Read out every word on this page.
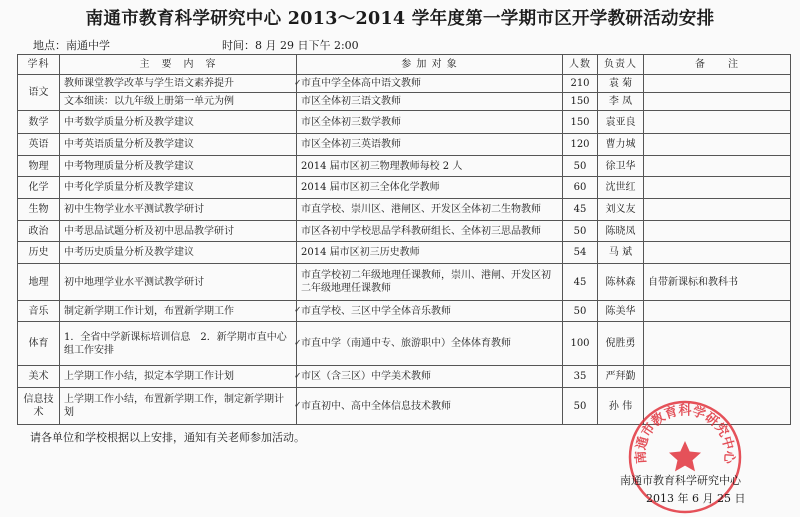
南通市教育科学研究中心 2013～2014 学年度第一学期市区开学教研活动安排
地点：南通中学	时间：8 月 29 日下午 2:00
学科	主　要　内　容	参 加 对 象	人数	负责人	备　　注
语文	教师课堂教学改革与学生语文素养提升	✓ 市直中学全体高中语文教师	210	袁 菊	
	文本细读：以九年级上册第一单元为例	市区全体初三语文教师	150	李 凤	
数学	中考数学质量分析及教学建议	市区全体初三数学教师	150	袁亚良	
英语	中考英语质量分析及教学建议	市区全体初三英语教师	120	曹力城	
物理	中考物理质量分析及教学建议	2014 届市区初三物理教师每校 2 人	50	徐卫华	
化学	中考化学质量分析及教学建议	2014 届市区初三全体化学教师	60	沈世红	
生物	初中生物学业水平测试教学研讨	市直学校、崇川区、港闸区、开发区全体初二生物教师	45	刘义友	
政治	中考思品试题分析及初中思品教学研讨	市区各初中学校思品学科教研组长、全体初三思品教师	50	陈晓凤	
历史	中考历史质量分析及教学建议	2014 届市区初三历史教师	54	马 斌	
地理	初中地理学业水平测试教学研讨	市直学校初二年级地理任课教师，崇川、港闸、开发区初二年级地理任课教师	45	陈林森	自带新课标和教科书
音乐	制定新学期工作计划，布置新学期工作	✓ 市直学校、三区中学全体音乐教师	50	陈美华	
体育	1．全省中学新课标培训信息　2．新学期市直中心组工作安排	✓ 市直中学（南通中专、旅游职中）全体体育教师	100	倪胜勇	
美术	上学期工作小结，拟定本学期工作计划	✓ 市区（含三区）中学美术教师	35	严拜勤	
信息技术	上学期工作小结，布置新学期工作，制定新学期计划	✓ 市直初中、高中全体信息技术教师	50	孙 伟	
请各单位和学校根据以上安排，通知有关老师参加活动。
南通市教育科学研究中心
南通市教育科学研究中心
2013 年 6 月 25 日
